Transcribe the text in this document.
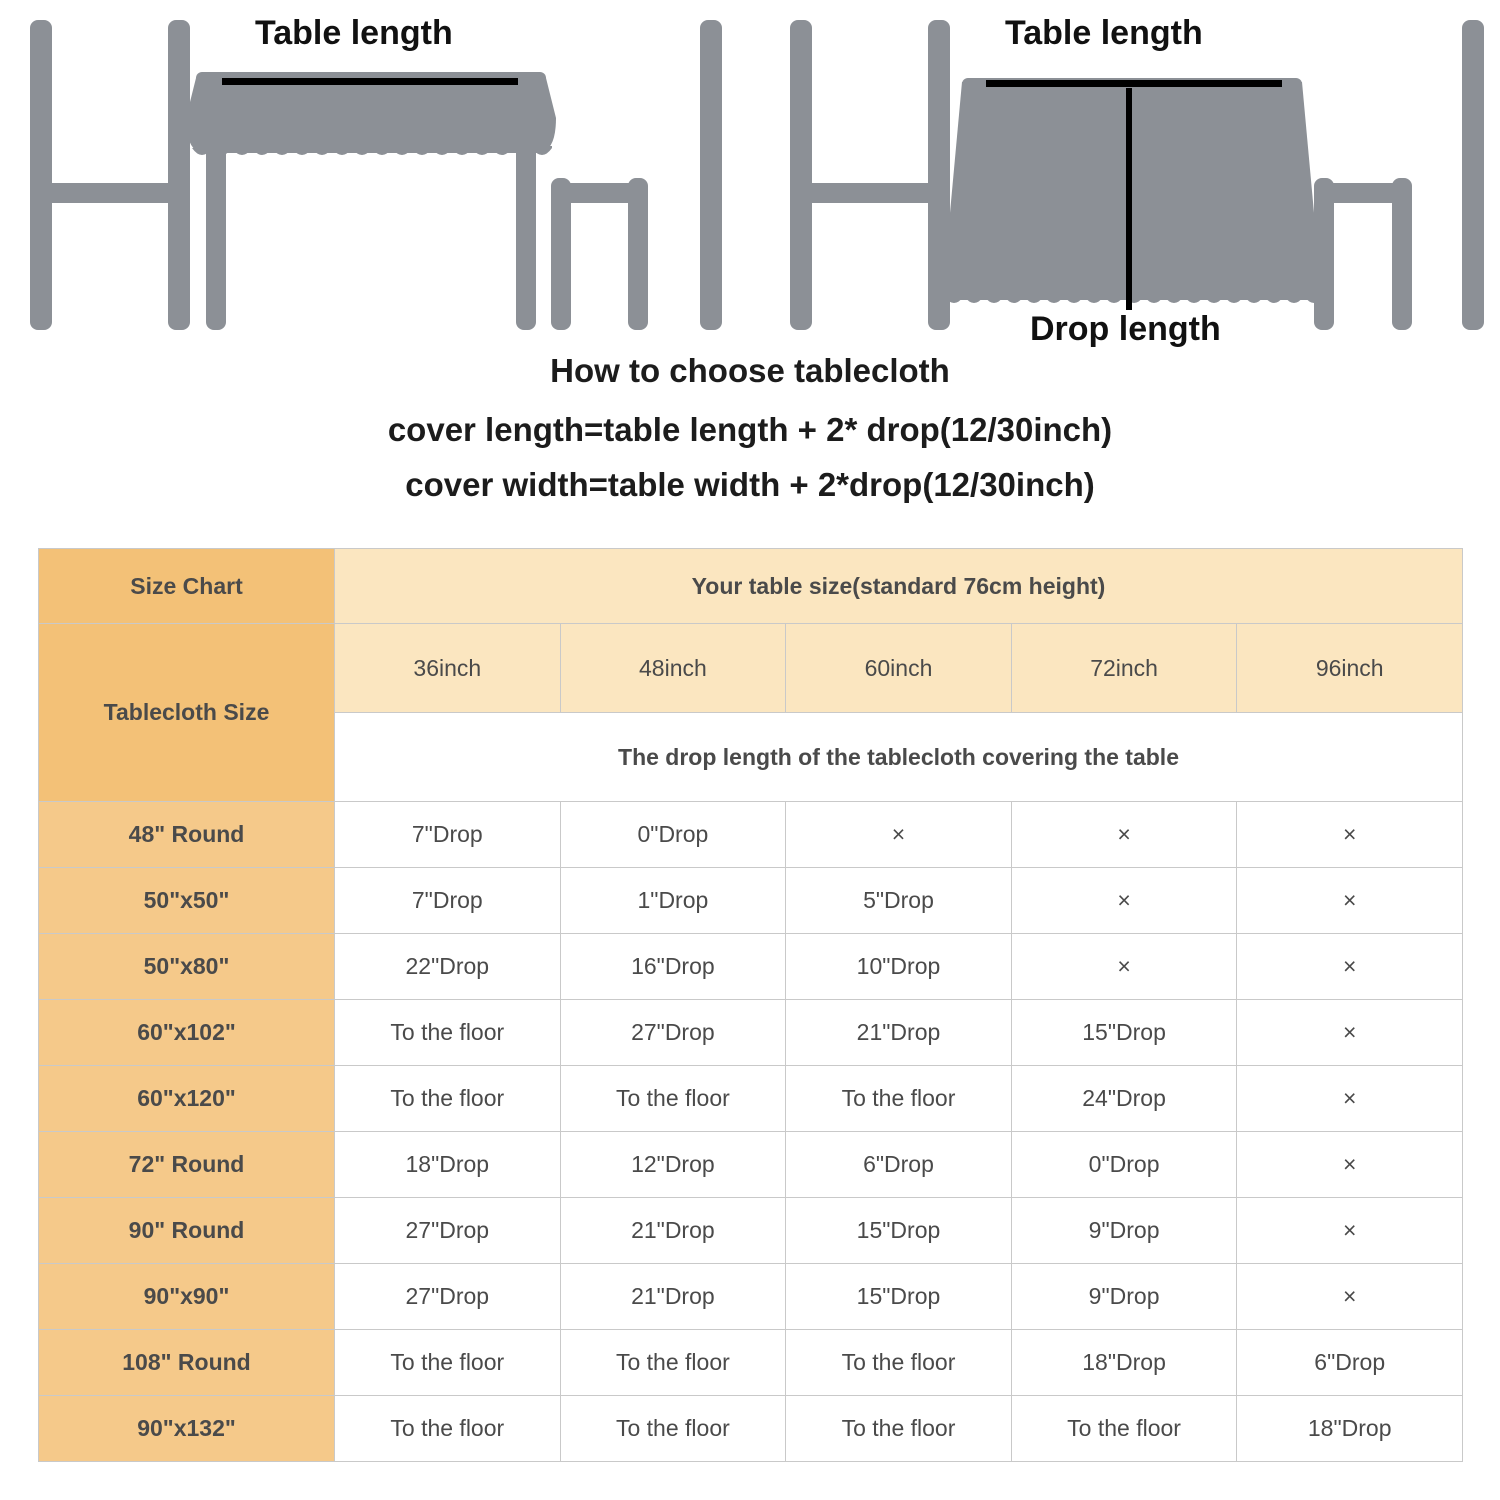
Table length	Table length
Drop length
How to choose tablecloth
cover length=table length + 2* drop(12/30inch)
cover width=table width + 2*drop(12/30inch)
Size Chart	Your table size(standard 76cm height)				
Tablecloth Size	36inch	48inch	60inch	72inch	96inch
	The drop length of the tablecloth covering the table				
48" Round	7"Drop	0"Drop	×	×	×
50"x50"	7"Drop	1"Drop	5"Drop	×	×
50"x80"	22"Drop	16"Drop	10"Drop	×	×
60"x102"	To the floor	27"Drop	21"Drop	15"Drop	×
60"x120"	To the floor	To the floor	To the floor	24"Drop	×
72" Round	18"Drop	12"Drop	6"Drop	0"Drop	×
90" Round	27"Drop	21"Drop	15"Drop	9"Drop	×
90"x90"	27"Drop	21"Drop	15"Drop	9"Drop	×
108" Round	To the floor	To the floor	To the floor	18"Drop	6"Drop
90"x132"	To the floor	To the floor	To the floor	To the floor	18"Drop
